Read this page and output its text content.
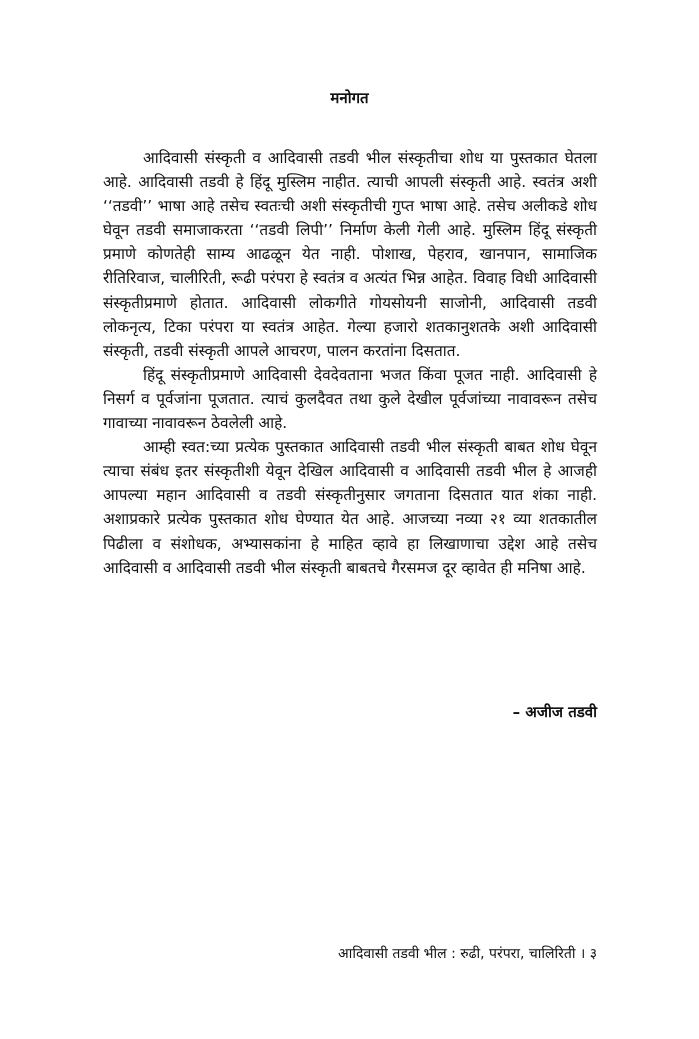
मनोगत

आदिवासी संस्कृती व आदिवासी तडवी भील संस्कृतीचा शोध या पुस्तकात घेतला आहे. आदिवासी तडवी हे हिंदू मुस्लिम नाहीत. त्याची आपली संस्कृती आहे. स्वतंत्र अशी ‘‘तडवी’’ भाषा आहे तसेच स्वतःची अशी संस्कृतीची गुप्त भाषा आहे. तसेच अलीकडे शोध घेवून तडवी समाजाकरता ‘‘तडवी लिपी’’ निर्माण केली गेली आहे. मुस्लिम हिंदू संस्कृती प्रमाणे कोणतेही साम्य आढळून येत नाही. पोशाख, पेहराव, खानपान, सामाजिक रीतिरिवाज, चालीरिती, रूढी परंपरा हे स्वतंत्र व अत्यंत भिन्न आहेत. विवाह विधी आदिवासी संस्कृतीप्रमाणे होतात. आदिवासी लोकगीते गोयसोयनी साजोनी, आदिवासी तडवी लोकनृत्य, टिका परंपरा या स्वतंत्र आहेत. गेल्या हजारो शतकानुशतके अशी आदिवासी संस्कृती, तडवी संस्कृती आपले आचरण, पालन करतांना दिसतात.

हिंदू संस्कृतीप्रमाणे आदिवासी देवदेवताना भजत किंवा पूजत नाही. आदिवासी हे निसर्ग व पूर्वजांना पूजतात. त्याचं कुलदैवत तथा कुले देखील पूर्वजांच्या नावावरून तसेच गावाच्या नावावरून ठेवलेली आहे.

आम्ही स्वत:च्या प्रत्येक पुस्तकात आदिवासी तडवी भील संस्कृती बाबत शोध घेवून त्याचा संबंध इतर संस्कृतीशी येवून देखिल आदिवासी व आदिवासी तडवी भील हे आजही आपल्या महान आदिवासी व तडवी संस्कृतीनुसार जगताना दिसतात यात शंका नाही. अशाप्रकारे प्रत्येक पुस्तकात शोध घेण्यात येत आहे. आजच्या नव्या २१ व्या शतकातील पिढीला व संशोधक, अभ्यासकांना हे माहित व्हावे हा लिखाणाचा उद्देश आहे तसेच आदिवासी व आदिवासी तडवी भील संस्कृती बाबतचे गैरसमज दूर व्हावेत ही मनिषा आहे.

– अजीज तडवी
आदिवासी तडवी भील : रुढी, परंपरा, चालिरिती । ३
